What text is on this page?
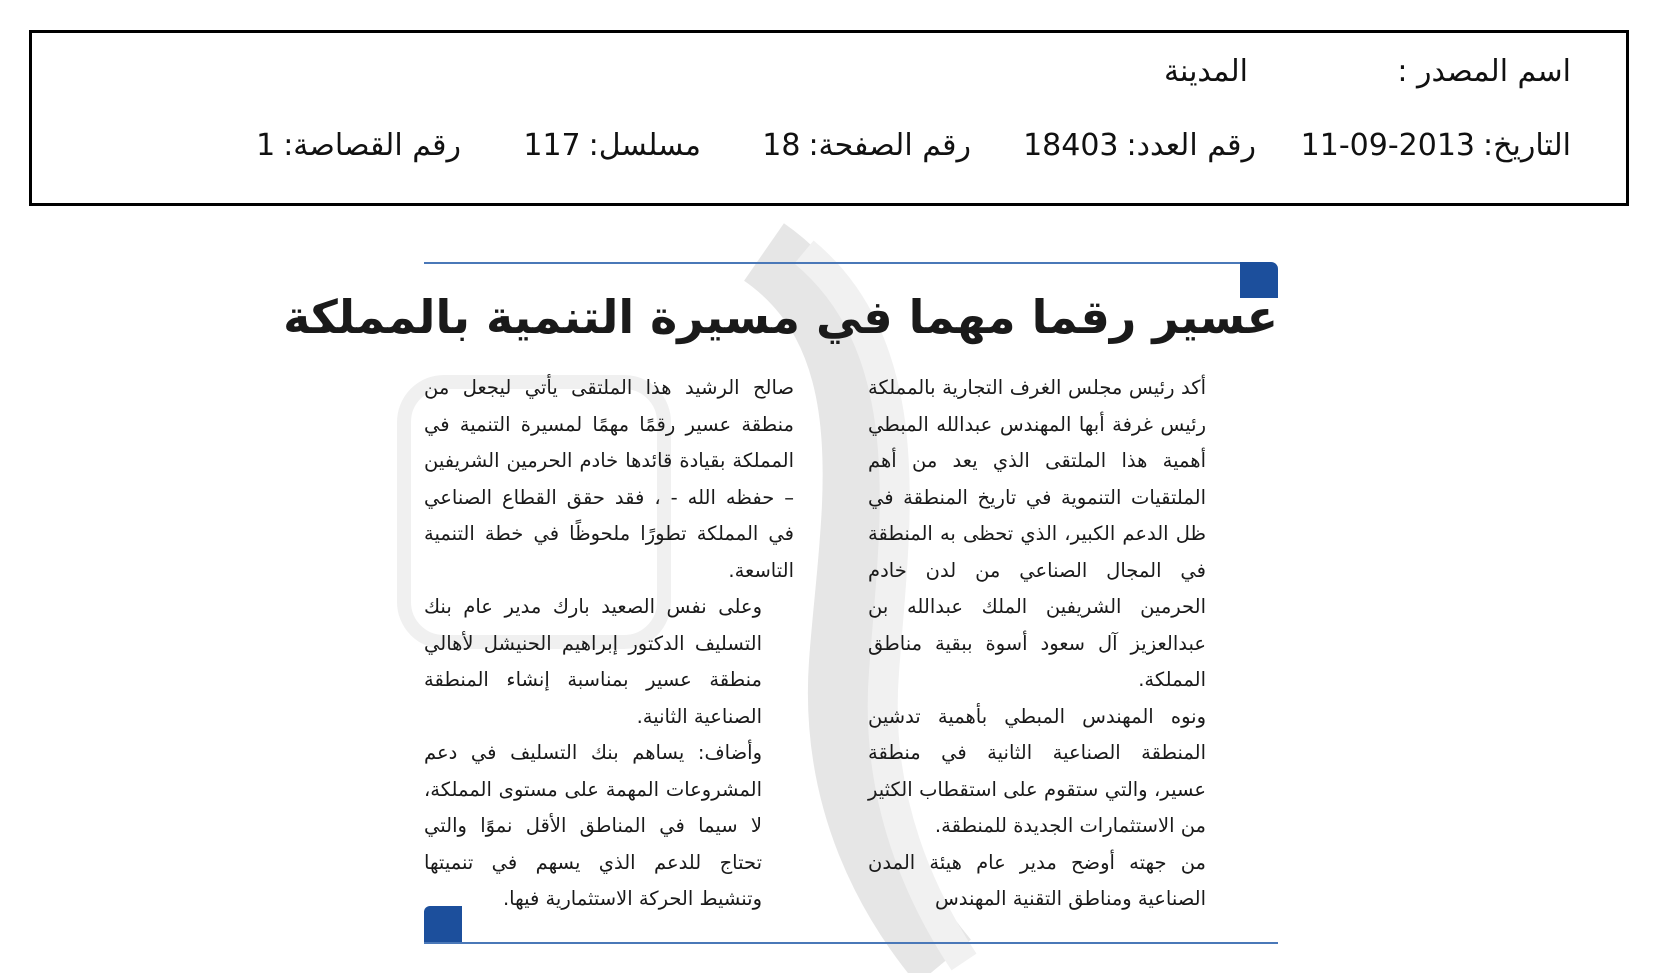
اسم المصدر :
المدينة
التاريخ:2013-09-11
رقم العدد:18403
رقم الصفحة:18
مسلسل:117
رقم القصاصة:1
عسير رقما مهما في مسيرة التنمية بالمملكة

أكد رئيس مجلس الغرف التجارية بالمملكة رئيس غرفة أبها المهندس عبدالله المبطي أهمية هذا الملتقى الذي يعد من أهم الملتقيات التنموية في تاريخ المنطقة في ظل الدعم الكبير، الذي تحظى به المنطقة في المجال الصناعي من لدن خادم الحرمين الشريفين الملك عبدالله بن عبدالعزيز آل سعود أسوة ببقية مناطق المملكة.

ونوه المهندس المبطي بأهمية تدشين المنطقة الصناعية الثانية في منطقة عسير، والتي ستقوم على استقطاب الكثير من الاستثمارات الجديدة للمنطقة.

من جهته أوضح مدير عام هيئة المدن الصناعية ومناطق التقنية المهندس

صالح الرشيد هذا الملتقى يأتي ليجعل من منطقة عسير رقمًا مهمًا لمسيرة التنمية في المملكة بقيادة قائدها خادم الحرمين الشريفين – حفظه الله - ، فقد حقق القطاع الصناعي في المملكة تطورًا ملحوظًا في خطة التنمية التاسعة.

وعلى نفس الصعيد بارك مدير عام بنك التسليف الدكتور إبراهيم الحنيشل لأهالي منطقة عسير بمناسبة إنشاء المنطقة الصناعية الثانية.

وأضاف: يساهم بنك التسليف في دعم المشروعات المهمة على مستوى المملكة، لا سيما في المناطق الأقل نموًا والتي تحتاج للدعم الذي يسهم في تنميتها وتنشيط الحركة الاستثمارية فيها.
